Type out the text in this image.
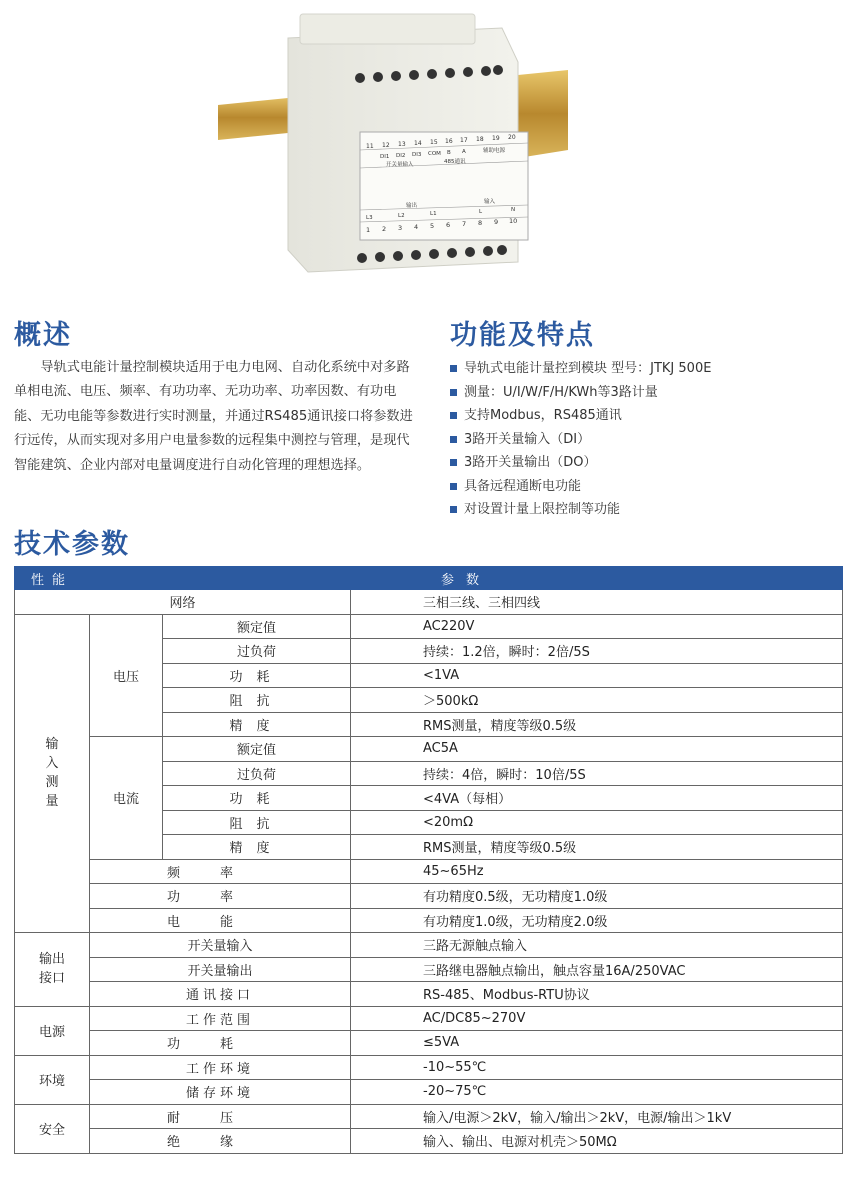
11 12 13 14 15 16 17 18 19 20
DI1 DI2 DI3 COM B A	辅助电源
开关量输入	485通讯
输出
输入
L3	L2	L1	L	N
1 2 3 4 5 6 7 8 9 10
概述

导轨式电能计量控制模块适用于电力电网、自动化系统中对多路单相电流、电压、频率、有功功率、无功功率、功率因数、有功电能、无功电能等参数进行实时测量，并通过RS485通讯接口将参数进行远传，从而实现对多用户电量参数的远程集中测控与管理，是现代智能建筑、企业内部对电量调度进行自动化管理的理想选择。

功能及特点
导轨式电能计量控到模块 型号：JTKJ 500E
测量：U/I/W/F/H/KWh等3路计量
支持Modbus，RS485通讯
3路开关量输入（DI）
3路开关量输出（DO）
具备远程通断电功能
对设置计量上限控制等功能
技术参数
性能	参数		
网络			三相三线、三相四线
输入测量	电压	额定值	AC220V
		过负荷	持续：1.2倍，瞬时：2倍/5S
		功耗	<1VA
		阻抗	＞500kΩ
		精度	RMS测量，精度等级0.5级
	电流	额定值	AC5A
		过负荷	持续：4倍，瞬时：10倍/5S
		功耗	<4VA（每相）
		阻抗	<20mΩ
		精度	RMS测量，精度等级0.5级
	频率		45~65Hz
	功率		有功精度0.5级，无功精度1.0级
	电能		有功精度1.0级，无功精度2.0级
输出接口	开关量输入		三路无源触点输入
	开关量输出		三路继电器触点输出，触点容量16A/250VAC
	通讯接口		RS-485、Modbus-RTU协议
电源	工作范围		AC/DC85~270V
	功耗		≤5VA
环境	工作环境		-10~55℃
	储存环境		-20~75℃
安全	耐压		输入/电源＞2kV，输入/输出＞2kV，电源/输出＞1kV
	绝缘		输入、输出、电源对机壳＞50MΩ
